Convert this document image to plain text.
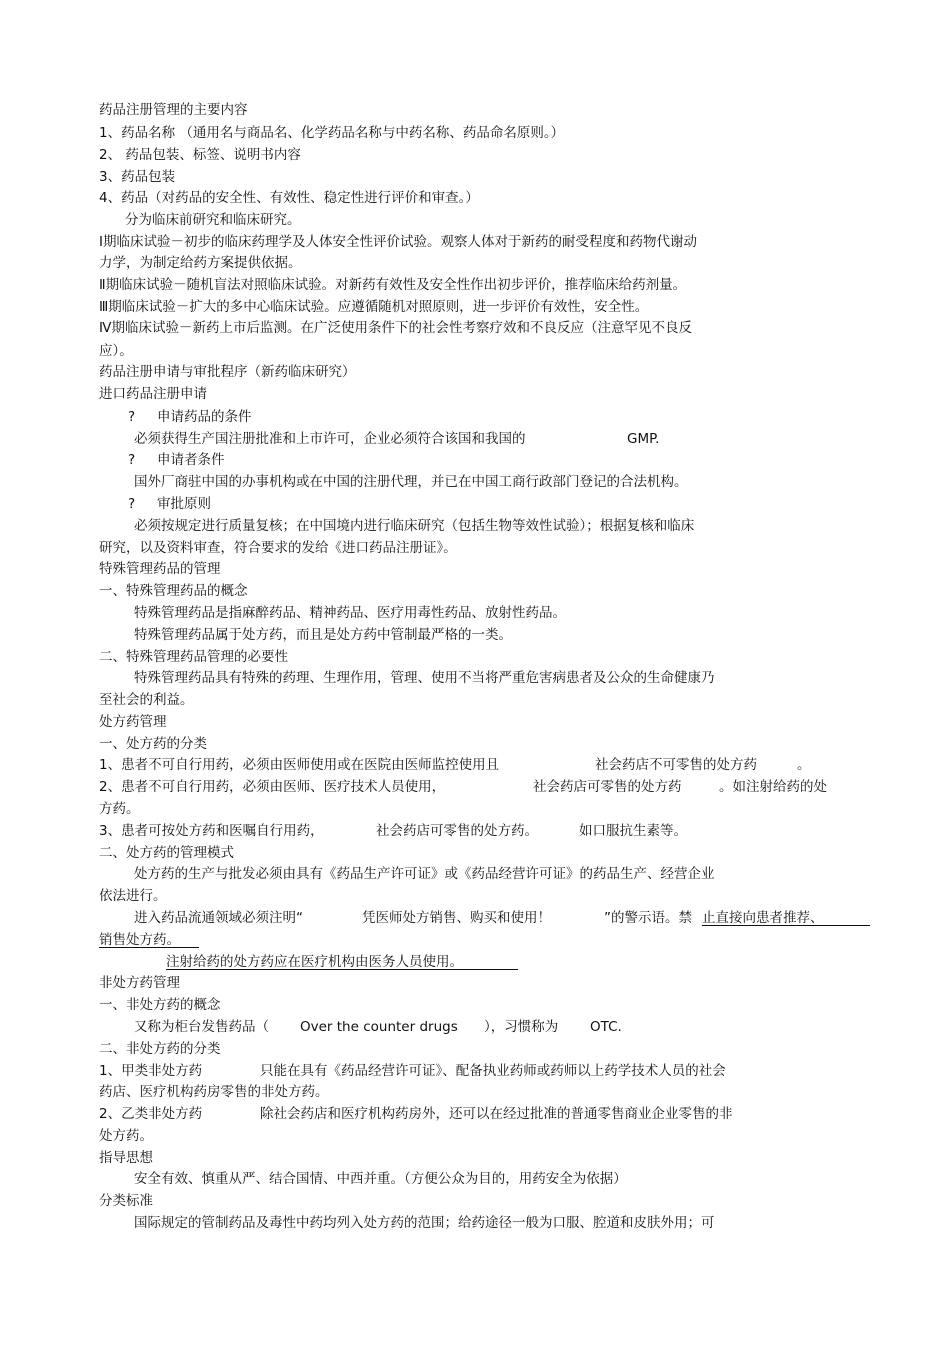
药品注册管理的主要内容
1、药品名称 （通用名与商品名、化学药品名称与中药名称、药品命名原则。）
2、 药品包装、标签、说明书内容
3、药品包装
4、药品（对药品的安全性、有效性、稳定性进行评价和审查。）
分为临床前研究和临床研究。
Ⅰ期临床试验－初步的临床药理学及人体安全性评价试验。观察人体对于新药的耐受程度和药物代谢动
力学，为制定给药方案提供依据。
Ⅱ期临床试验－随机盲法对照临床试验。对新药有效性及安全性作出初步评价，推荐临床给药剂量。
Ⅲ期临床试验－扩大的多中心临床试验。应遵循随机对照原则，进一步评价有效性，安全性。
Ⅳ期临床试验－新药上市后监测。在广泛使用条件下的社会性考察疗效和不良反应（注意罕见不良反
应）。
药品注册申请与审批程序（新药临床研究）
进口药品注册申请
? 申请药品的条件
必须获得生产国注册批准和上市许可，企业必须符合该国和我国的	GMP.
? 申请者条件
国外厂商驻中国的办事机构或在中国的注册代理，并已在中国工商行政部门登记的合法机构。
? 审批原则
必须按规定进行质量复核；在中国境内进行临床研究（包括生物等效性试验）；根据复核和临床
研究，以及资料审查，符合要求的发给《进口药品注册证》。
特殊管理药品的管理
一、特殊管理药品的概念
特殊管理药品是指麻醉药品、精神药品、医疗用毒性药品、放射性药品。
特殊管理药品属于处方药，而且是处方药中管制最严格的一类。
二、特殊管理药品管理的必要性
特殊管理药品具有特殊的药理、生理作用，管理、使用不当将严重危害病患者及公众的生命健康乃
至社会的利益。
处方药管理
一、处方药的分类
1、患者不可自行用药，必须由医师使用或在医院由医师监控使用且	社会药店不可零售的处方药	。
2、患者不可自行用药，必须由医师、医疗技术人员使用，	社会药店可零售的处方药	。如注射给药的处
方药。
3、患者可按处方药和医嘱自行用药，	社会药店可零售的处方药。	如口服抗生素等。
二、处方药的管理模式
处方药的生产与批发必须由具有《药品生产许可证》或《药品经营许可证》的药品生产、经营企业
依法进行。
进入药品流通领域必须注明“	凭医师处方销售、购买和使用！	”的警示语。禁 止直接向患者推荐、
销售处方药。
注射给药的处方药应在医疗机构由医务人员使用。
非处方药管理
一、非处方药的概念
又称为柜台发售药品（ Over the counter drugs ），习惯称为 OTC.
二、非处方药的分类
1、甲类非处方药	只能在具有《药品经营许可证》、配备执业药师或药师以上药学技术人员的社会
药店、医疗机构药房零售的非处方药。
2、乙类非处方药	除社会药店和医疗机构药房外，还可以在经过批准的普通零售商业企业零售的非
处方药。
指导思想
安全有效、慎重从严、结合国情、中西并重。（方便公众为目的，用药安全为依据）
分类标准
国际规定的管制药品及毒性中药均列入处方药的范围；给药途径一般为口服、腔道和皮肤外用；可
